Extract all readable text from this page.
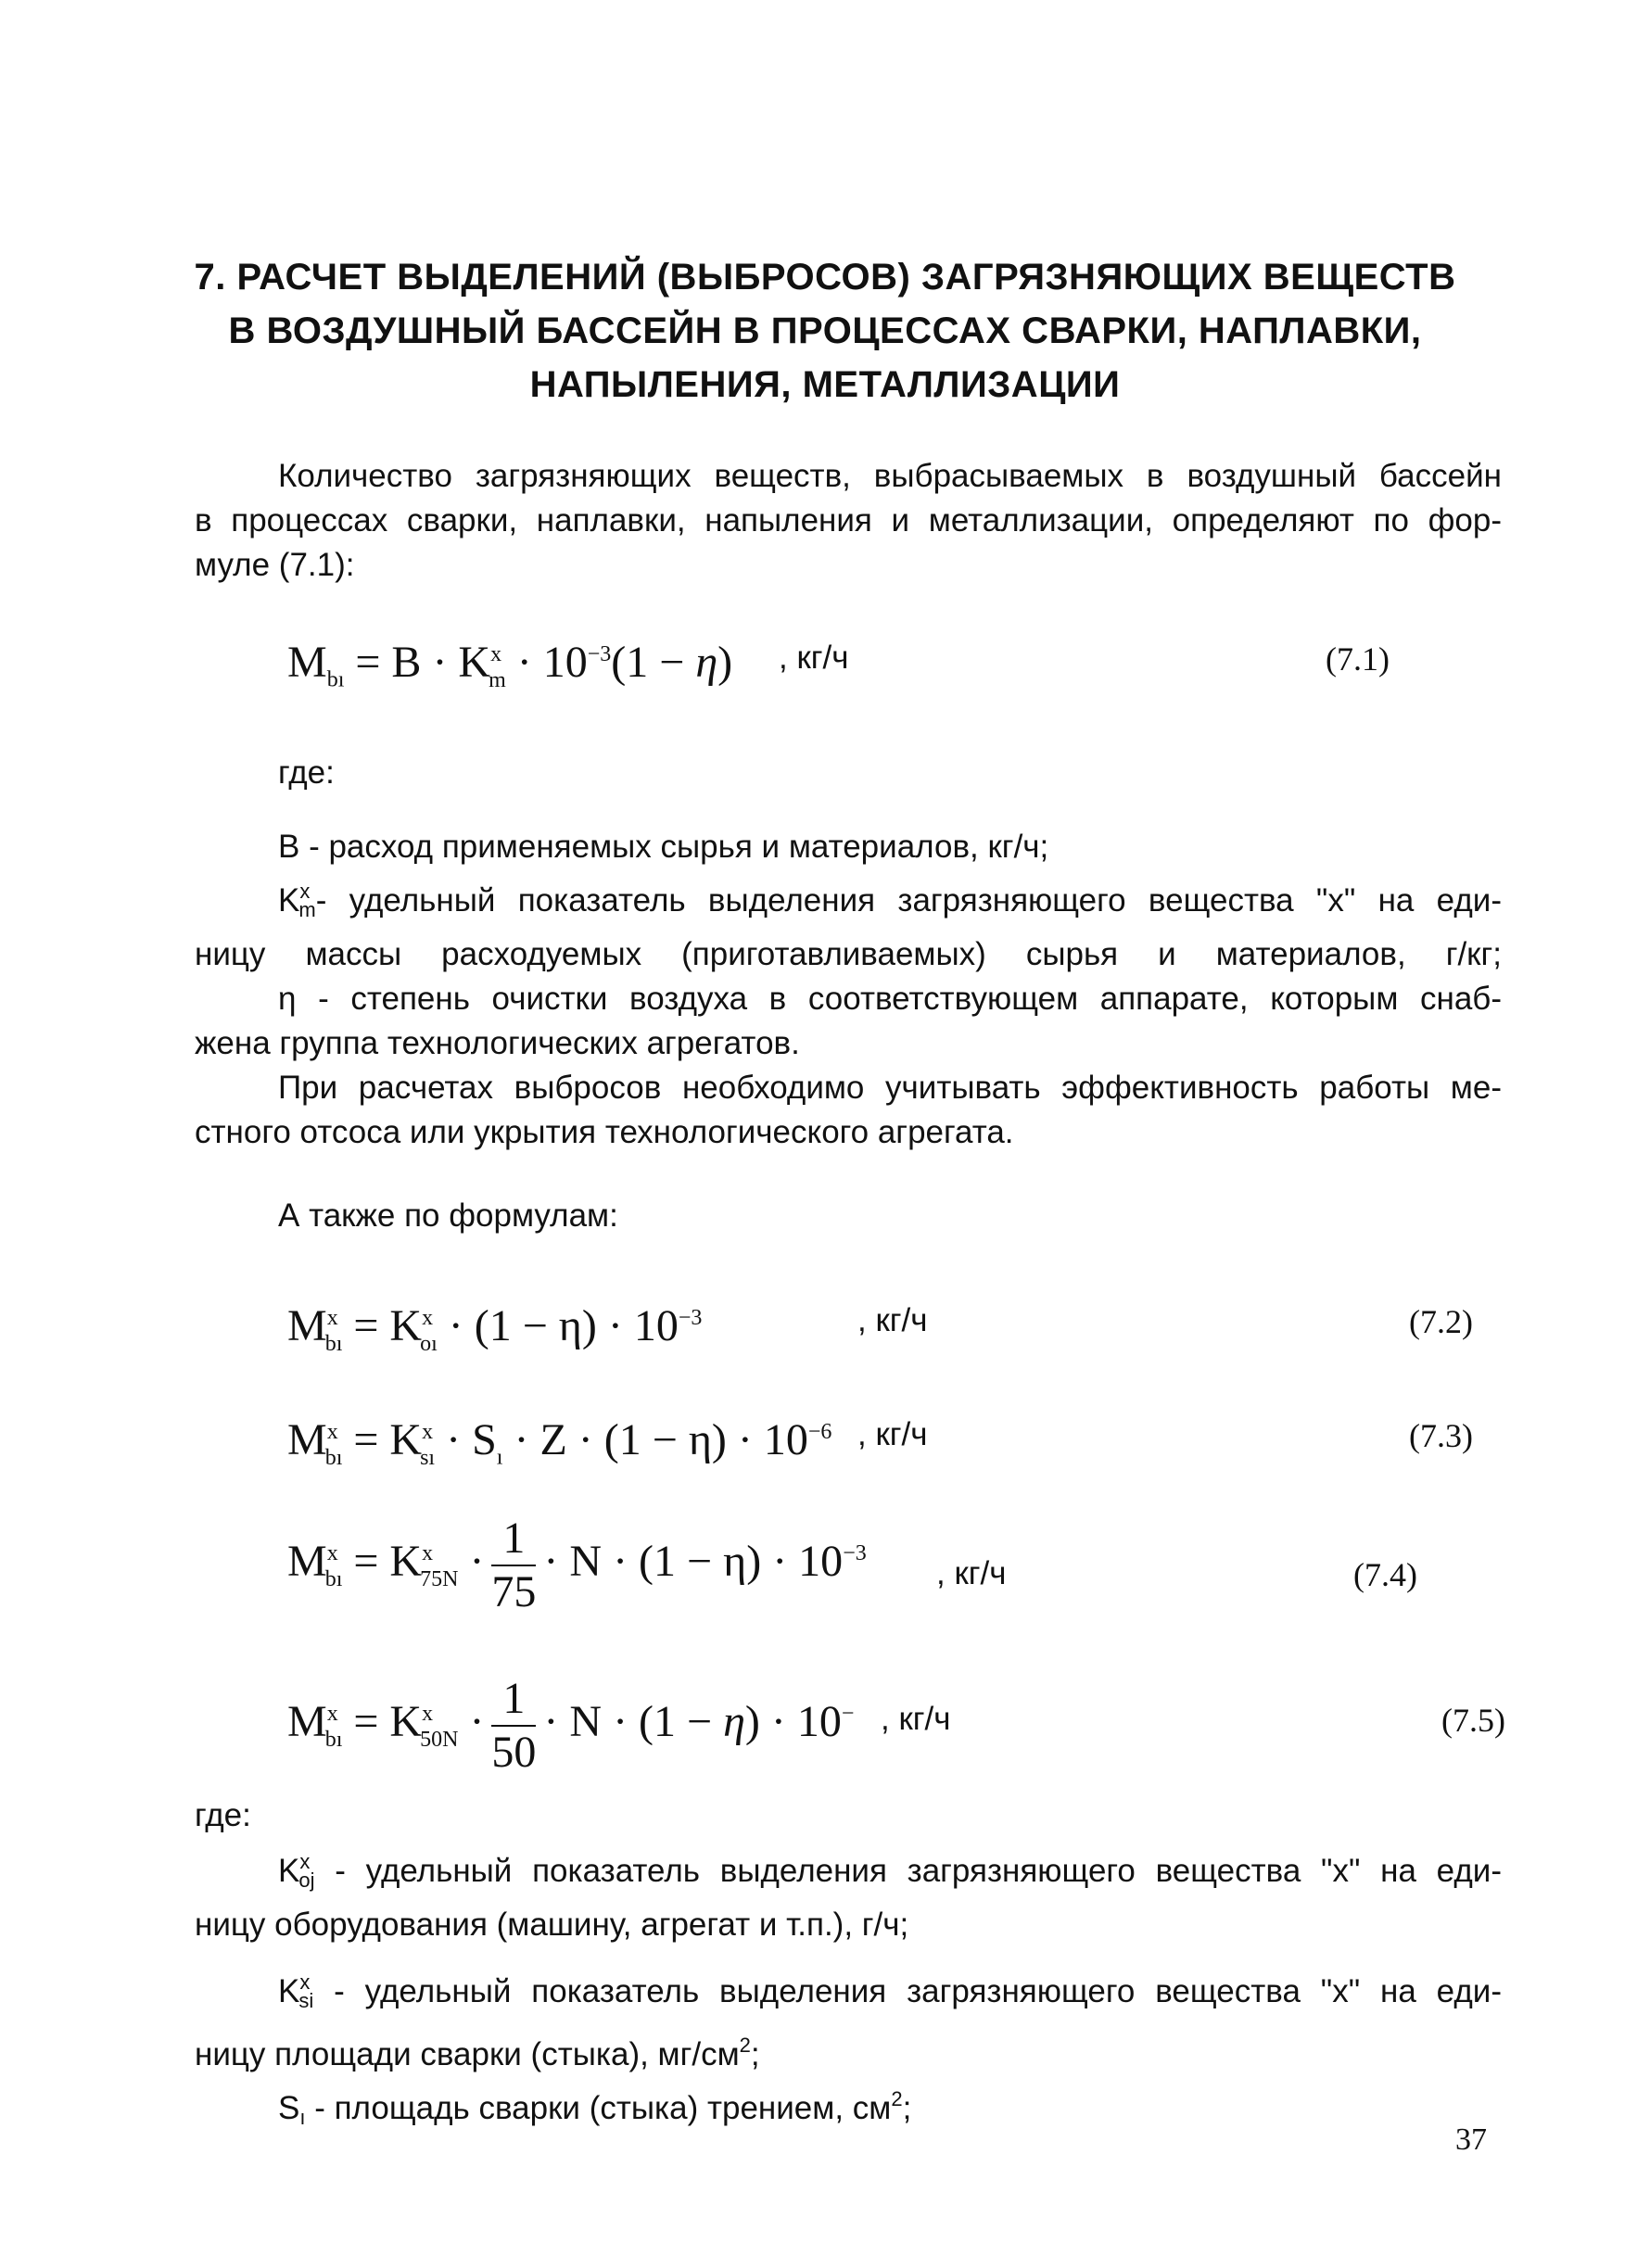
7. РАСЧЕТ ВЫДЕЛЕНИЙ (ВЫБРОСОВ) ЗАГРЯЗНЯЮЩИХ ВЕЩЕСТВ
В ВОЗДУШНЫЙ БАССЕЙН В ПРОЦЕССАХ СВАРКИ, НАПЛАВКИ,
НАПЫЛЕНИЯ, МЕТАЛЛИЗАЦИИ
Количество загрязняющих веществ, выбрасываемых в воздушный бассейн
в процессах сварки, наплавки, напыления и металлизации, определяют по фор-
муле (7.1):
$M_{bı} = B \cdot K^x_m \cdot 10^{-3}(1 - \eta)$ , кг/ч	(7.1)
где:
В - расход применяемых сырья и материалов, кг/ч;
$K^xm-$ удельный показатель выделения загрязняющего вещества "x" на еди-
ницу массы расходуемых (приготавливаемых) сырья и материалов, г/кг;
η - степень очистки воздуха в соответствующем аппарате, которым снаб-
жена группа технологических агрегатов.
При расчетах выбросов необходимо учитывать эффективность работы ме-
стного отсоса или укрытия технологического агрегата.
А также по формулам:
$M^x_{bı} = K^x_{oı} \cdot (1 - \eta) \cdot 10^{-3}$	, кг/ч	(7.2)
$M^x_{bı} = K^x_{sı} \cdot S_ı \cdot Z \cdot (1 - \eta) \cdot 10^{-6}$ , кг/ч	(7.3)
$M^x_{bı} = K^x_{75N} \cdot \frac{1}{75} \cdot N \cdot (1 - \eta) \cdot 10^{-3}$
, кг/ч	(7.4)
$M^x_{bı} = K^x_{50N} \cdot \frac{1}{50} \cdot N \cdot (1 - \eta) \cdot 10^-$ , кг/ч	(7.5)
где:
$K^xoj$ - удельный показатель выделения загрязняющего вещества "x" на еди-
ницу оборудования (машину, агрегат и т.п.), г/ч;
$K^xsi$ - удельный показатель выделения загрязняющего вещества "x" на еди-
ницу площади сварки (стыка), $мг/см^2$;
Sı - площадь сварки (стыка) трением, $см^2$;
37
